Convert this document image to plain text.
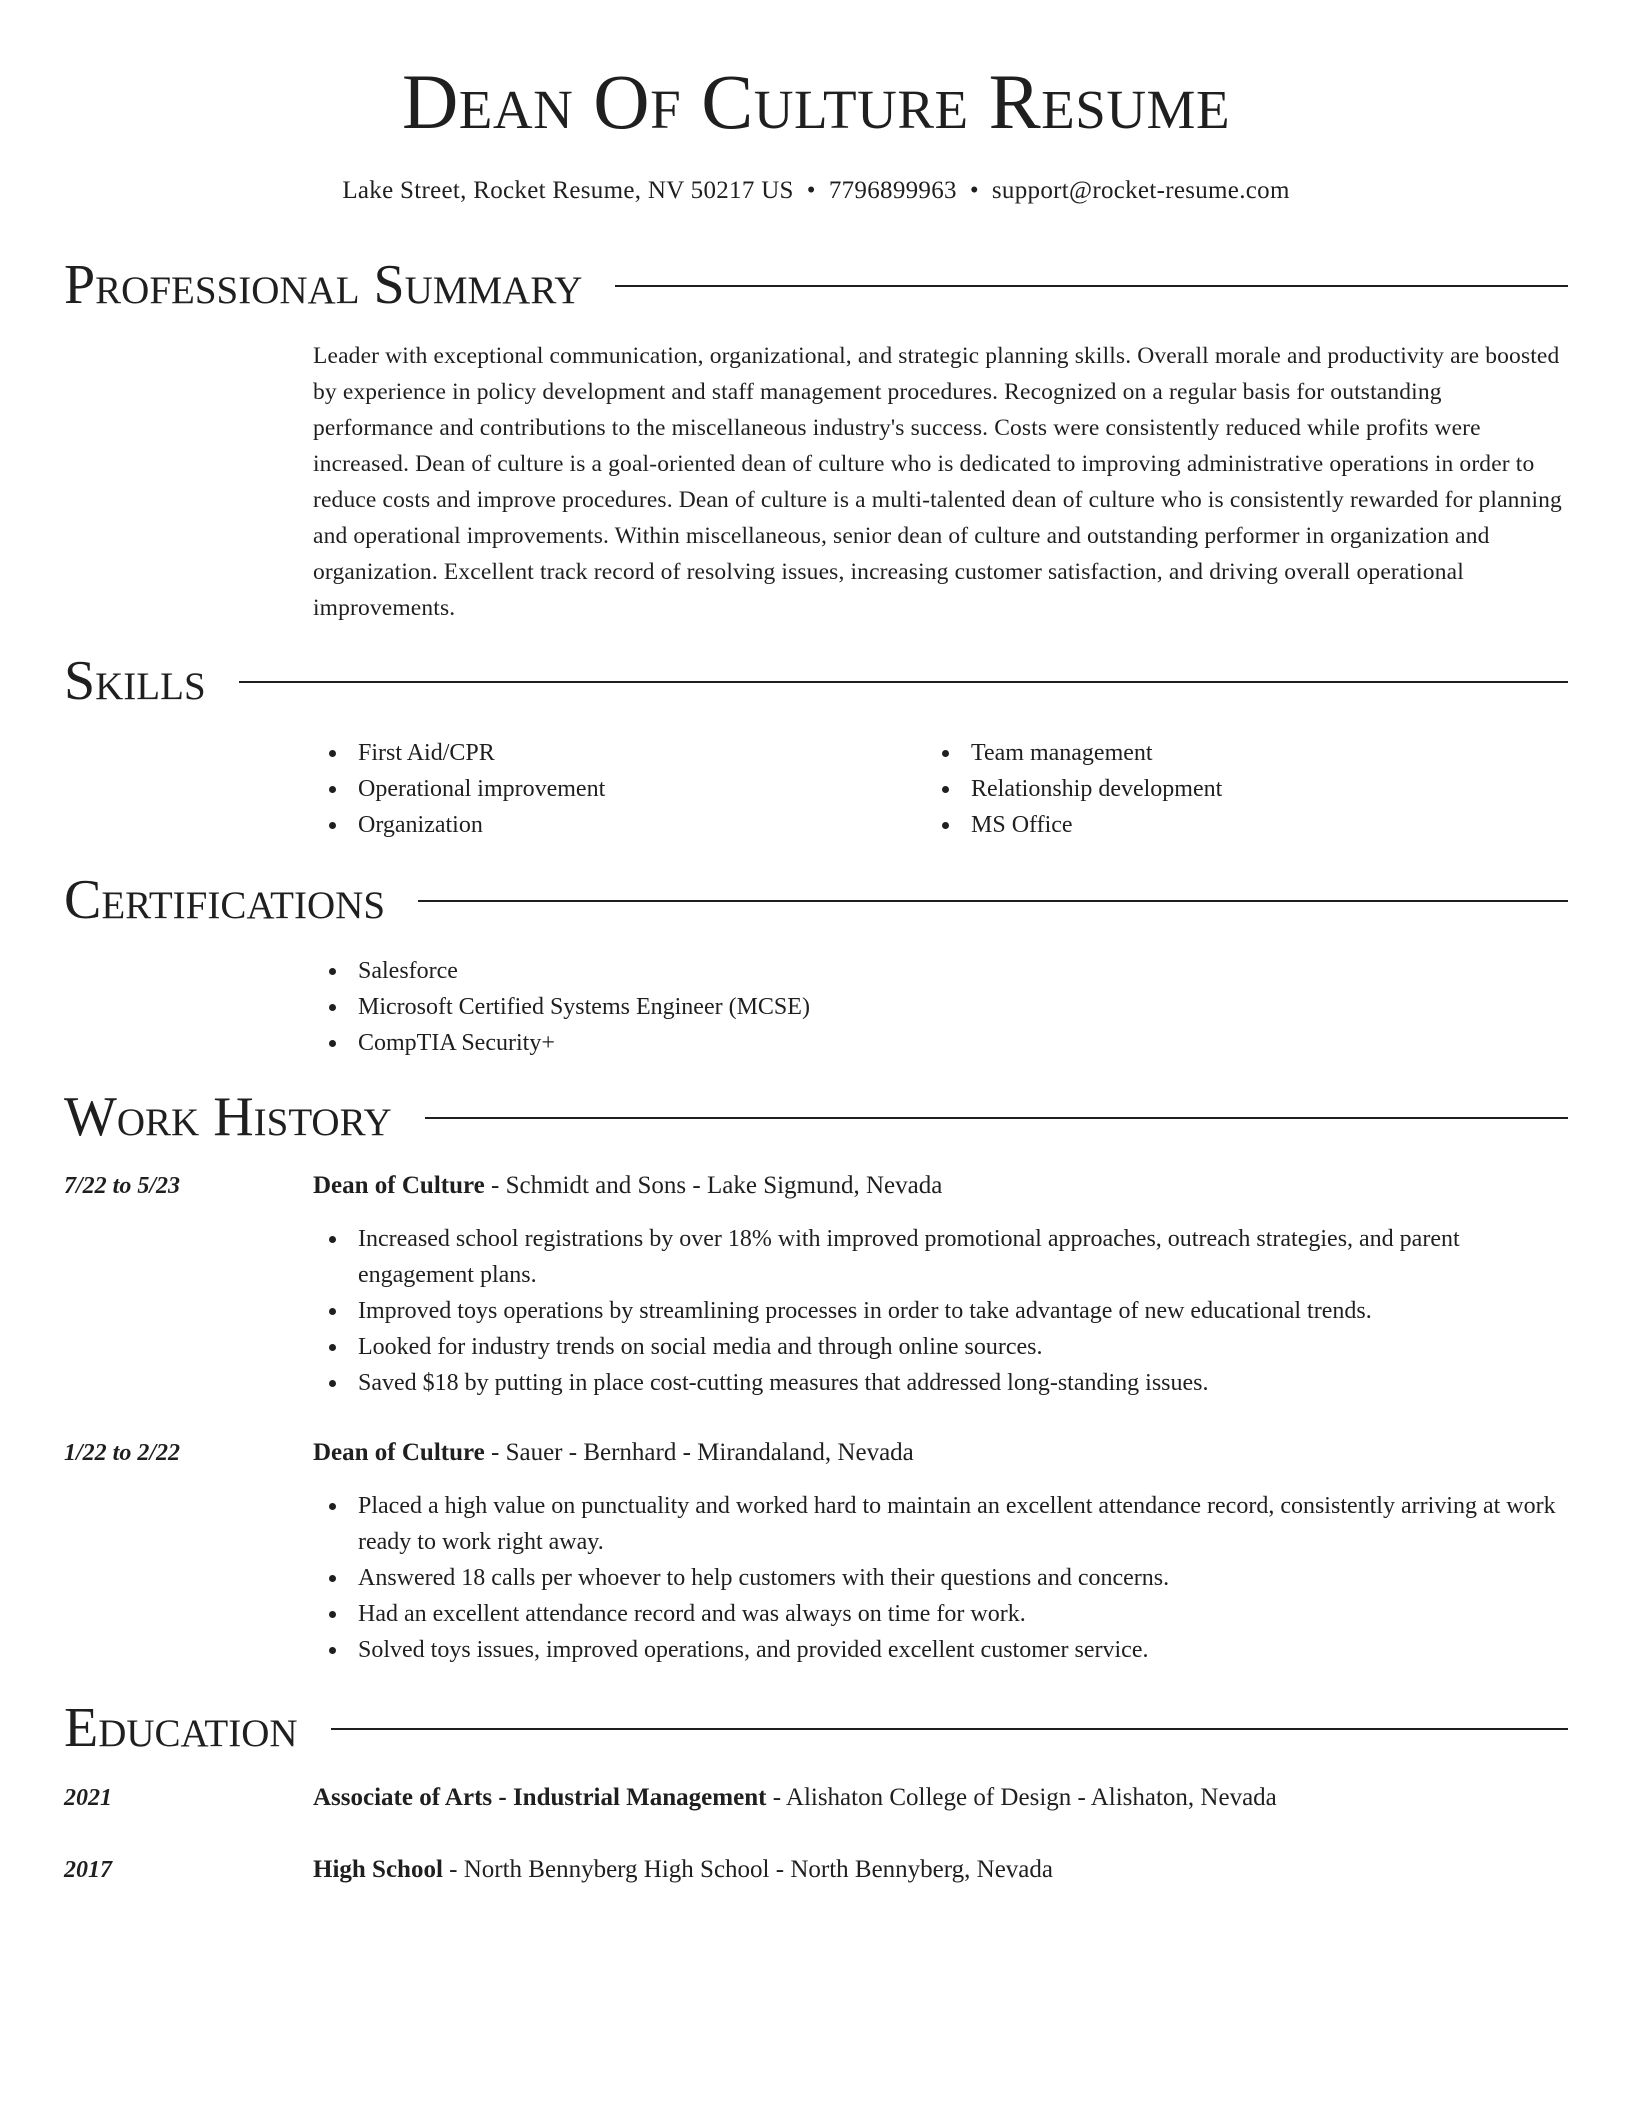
Dean Of Culture Resume
Lake Street, Rocket Resume, NV 50217 US • 7796899963 • support@rocket-resume.com
Professional Summary
Leader with exceptional communication, organizational, and strategic planning skills. Overall morale and productivity are boosted by experience in policy development and staff management procedures. Recognized on a regular basis for outstanding performance and contributions to the miscellaneous industry's success. Costs were consistently reduced while profits were increased. Dean of culture is a goal-oriented dean of culture who is dedicated to improving administrative operations in order to reduce costs and improve procedures. Dean of culture is a multi-talented dean of culture who is consistently rewarded for planning and operational improvements. Within miscellaneous, senior dean of culture and outstanding performer in organization and organization. Excellent track record of resolving issues, increasing customer satisfaction, and driving overall operational improvements.
Skills
First Aid/CPR
Operational improvement
Organization
Team management
Relationship development
MS Office
Certifications
Salesforce
Microsoft Certified Systems Engineer (MCSE)
CompTIA Security+
Work History
7/22 to 5/23	Dean of Culture - Schmidt and Sons - Lake Sigmund, Nevada
Increased school registrations by over 18% with improved promotional approaches, outreach strategies, and parent engagement plans.
Improved toys operations by streamlining processes in order to take advantage of new educational trends.
Looked for industry trends on social media and through online sources.
Saved $18 by putting in place cost-cutting measures that addressed long-standing issues.
1/22 to 2/22	Dean of Culture - Sauer - Bernhard - Mirandaland, Nevada
Placed a high value on punctuality and worked hard to maintain an excellent attendance record, consistently arriving at work ready to work right away.
Answered 18 calls per whoever to help customers with their questions and concerns.
Had an excellent attendance record and was always on time for work.
Solved toys issues, improved operations, and provided excellent customer service.
Education
2021	Associate of Arts - Industrial Management - Alishaton College of Design - Alishaton, Nevada
2017	High School - North Bennyberg High School - North Bennyberg, Nevada
